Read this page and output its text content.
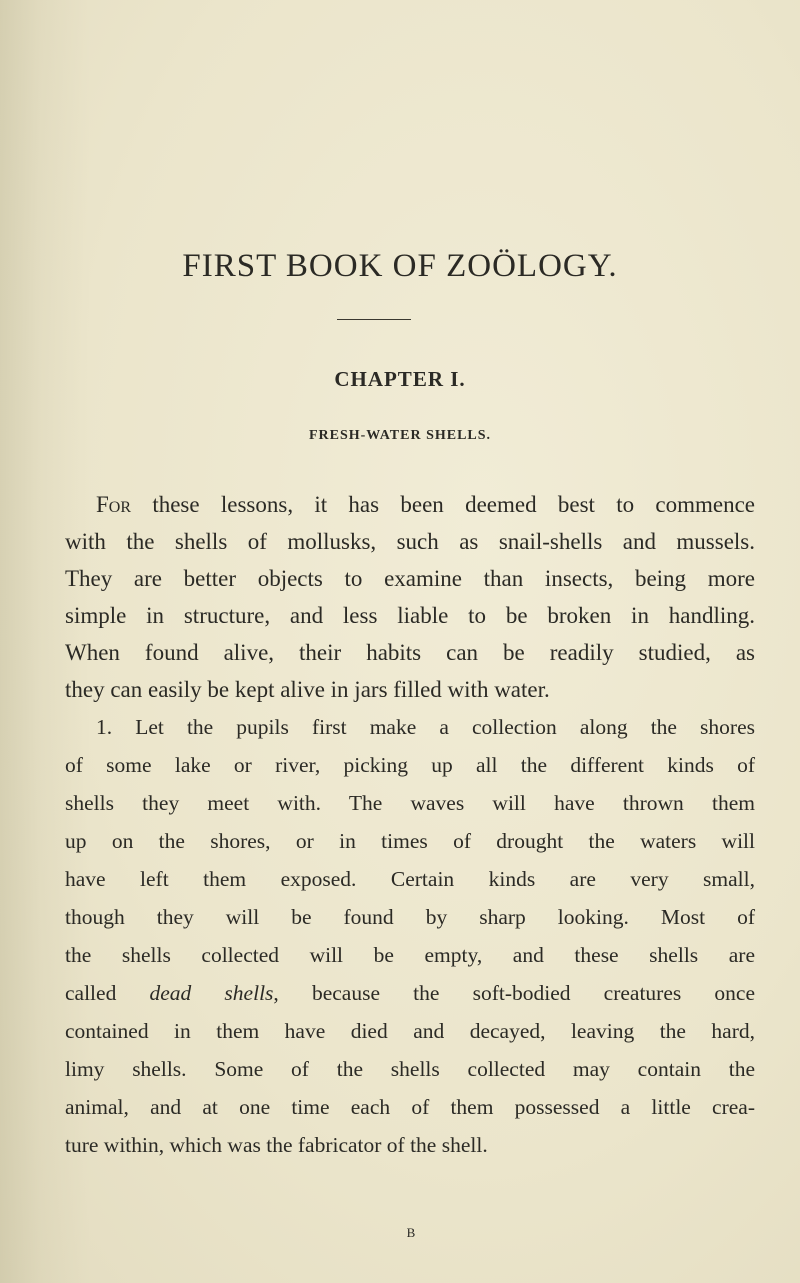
FIRST BOOK OF ZOÖLOGY.
CHAPTER I.
FRESH-WATER SHELLS.

For these lessons, it has been deemed best to commence

with the shells of mollusks, such as snail-shells and mussels.

They are better objects to examine than insects, being more

simple in structure, and less liable to be broken in handling.

When found alive, their habits can be readily studied, as

they can easily be kept alive in jars filled with water.

1. Let the pupils first make a collection along the shores

of some lake or river, picking up all the different kinds of

shells they meet with. The waves will have thrown them

up on the shores, or in times of drought the waters will

have left them exposed. Certain kinds are very small,

though they will be found by sharp looking. Most of

the shells collected will be empty, and these shells are

called dead shells, because the soft-bodied creatures once

contained in them have died and decayed, leaving the hard,

limy shells. Some of the shells collected may contain the

animal, and at one time each of them possessed a little crea-

ture within, which was the fabricator of the shell.

B
